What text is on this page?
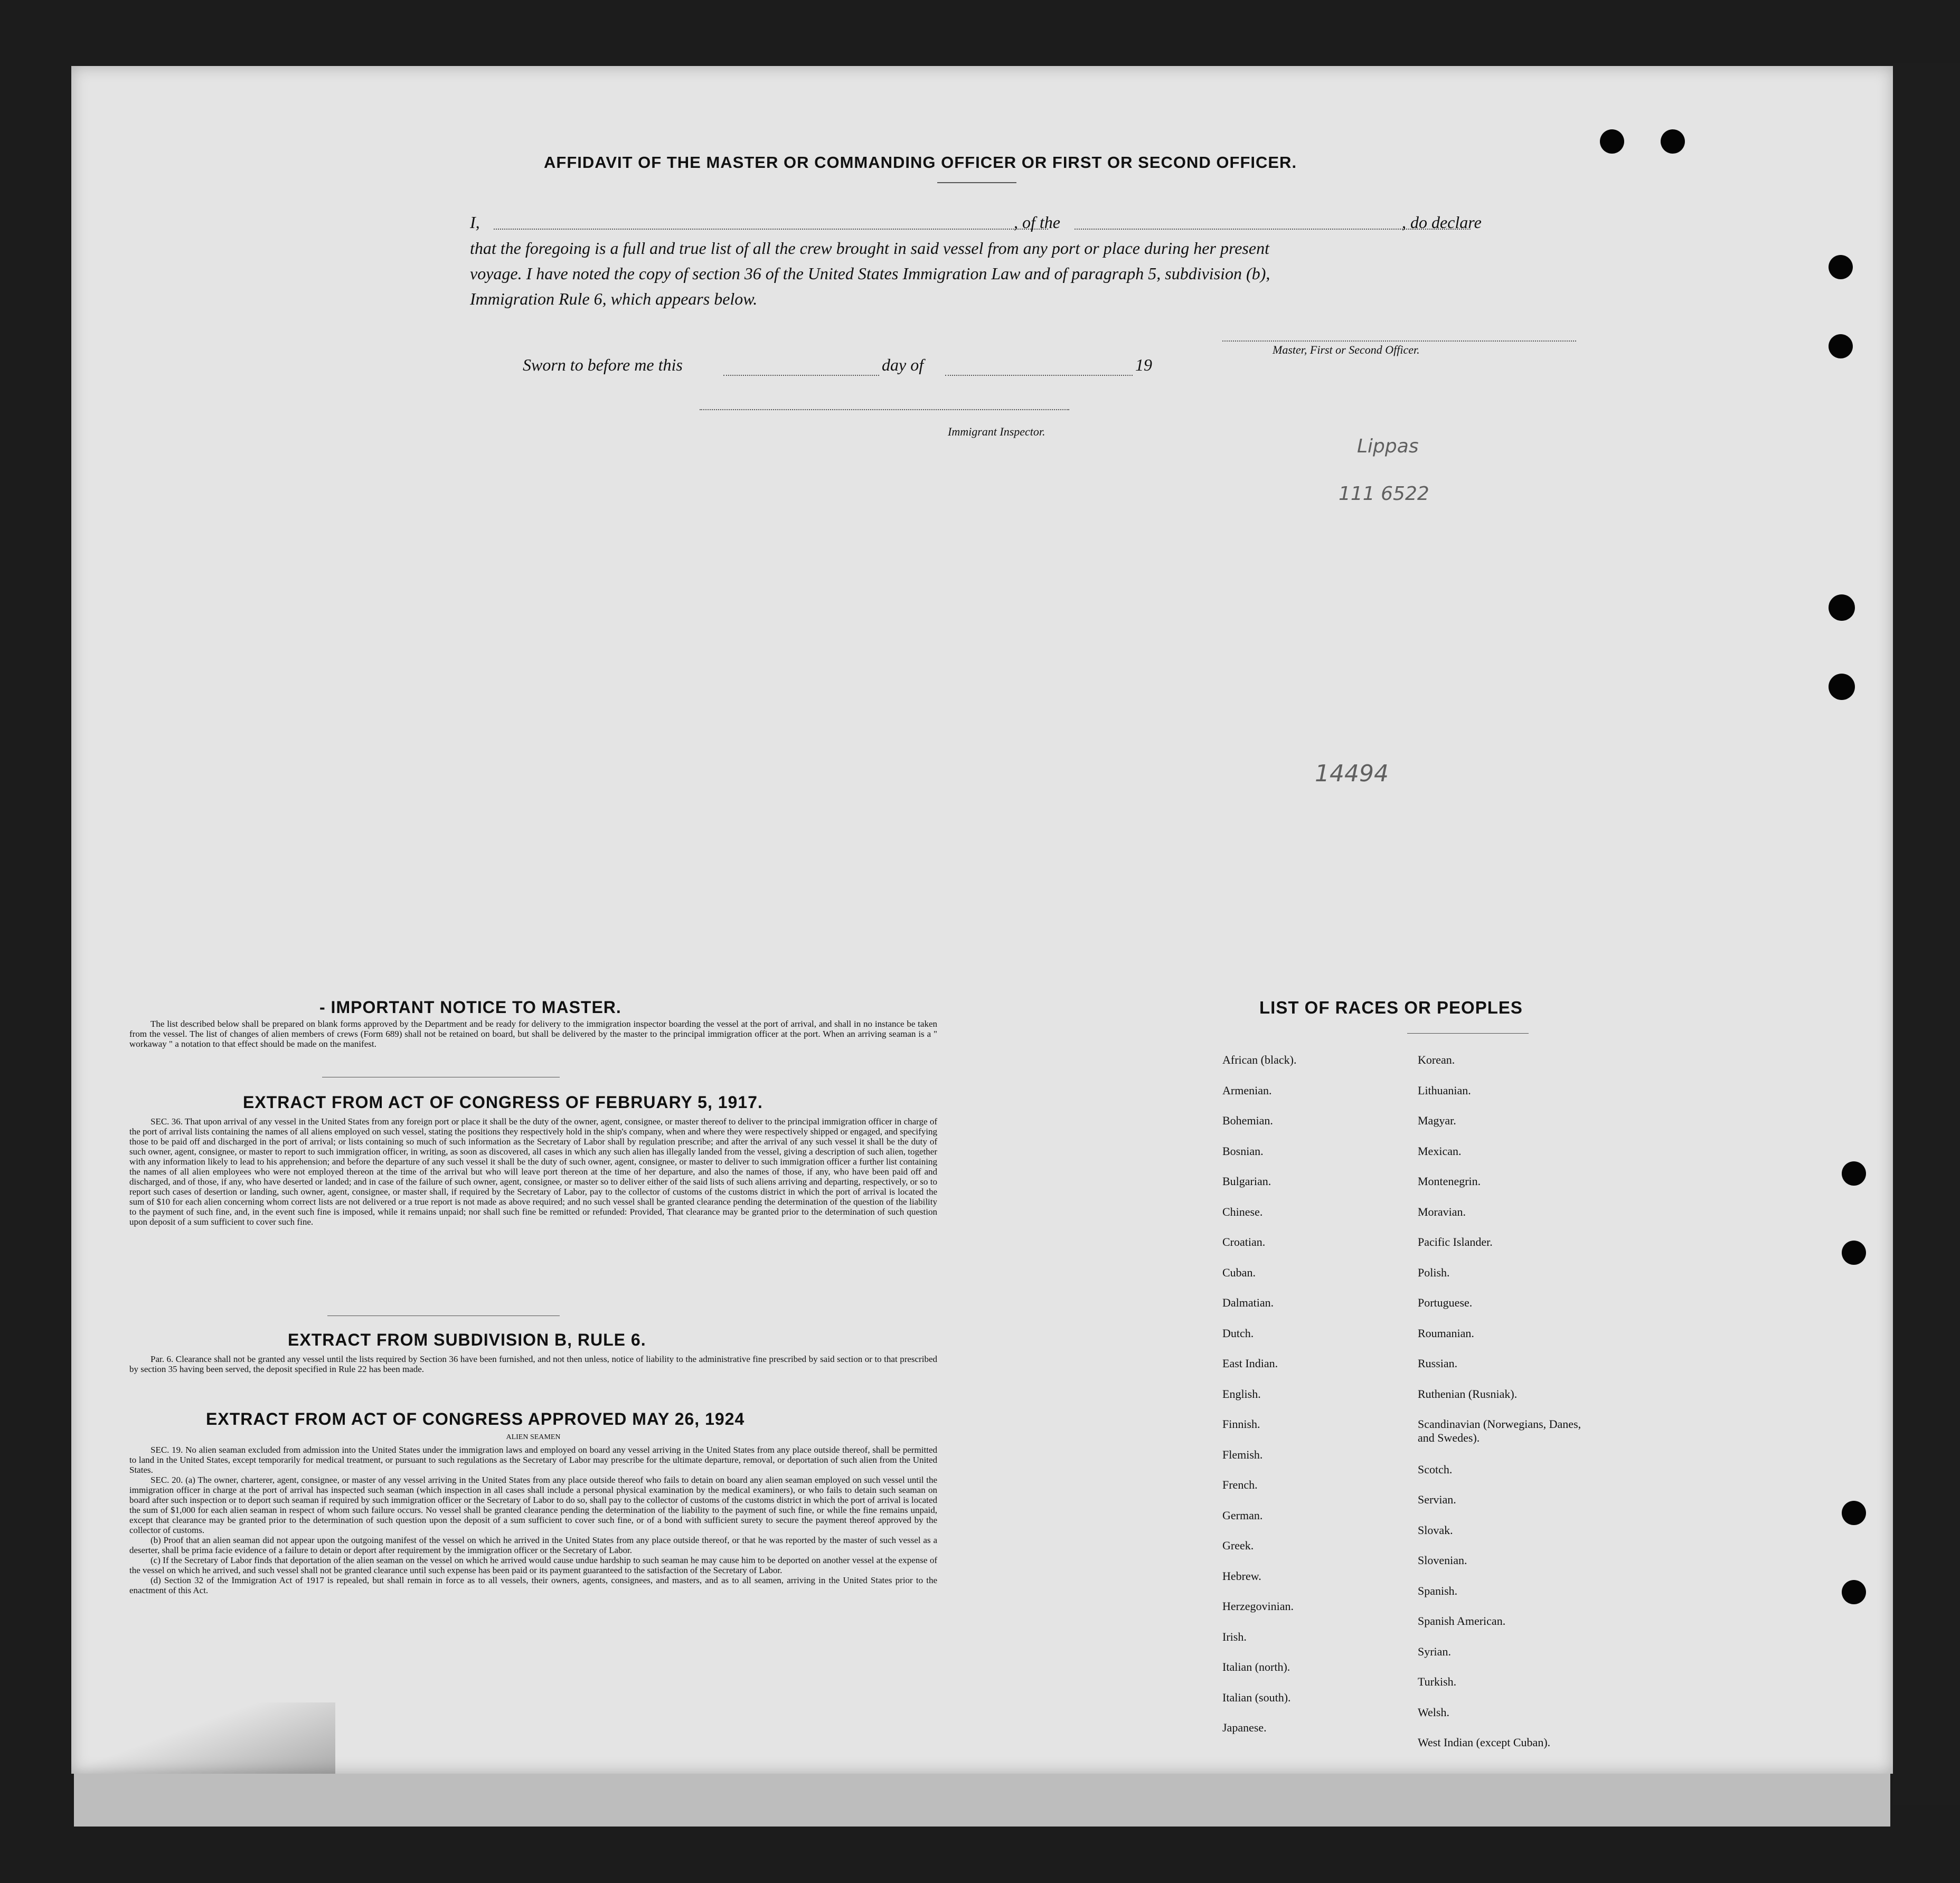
AFFIDAVIT OF THE MASTER OR COMMANDING OFFICER OR FIRST OR SECOND OFFICER.
I,	, of the	, do declare
that the foregoing is a full and true list of all the crew brought in said vessel from any port or place during her present
voyage. I have noted the copy of section 36 of the United States Immigration Law and of paragraph 5, subdivision (b),
Immigration Rule 6, which appears below.
Master, First or Second Officer.
Sworn to before me this	day of	19
Immigrant Inspector.
Lippas
111 6522
14494
- IMPORTANT NOTICE TO MASTER.

The list described below shall be prepared on blank forms approved by the Department and be ready for delivery to the immigration inspector boarding the vessel at the port of arrival, and shall in no instance be taken from the vessel. The list of changes of alien members of crews (Form 689) shall not be retained on board, but shall be delivered by the master to the principal immigration officer at the port. When an arriving seaman is a " workaway " a notation to that effect should be made on the manifest.

EXTRACT FROM ACT OF CONGRESS OF FEBRUARY 5, 1917.

SEC. 36. That upon arrival of any vessel in the United States from any foreign port or place it shall be the duty of the owner, agent, consignee, or master thereof to deliver to the principal immigration officer in charge of the port of arrival lists containing the names of all aliens employed on such vessel, stating the positions they respectively hold in the ship's company, when and where they were respectively shipped or engaged, and specifying those to be paid off and discharged in the port of arrival; or lists containing so much of such information as the Secretary of Labor shall by regulation prescribe; and after the arrival of any such vessel it shall be the duty of such owner, agent, consignee, or master to report to such immigration officer, in writing, as soon as discovered, all cases in which any such alien has illegally landed from the vessel, giving a description of such alien, together with any information likely to lead to his apprehension; and before the departure of any such vessel it shall be the duty of such owner, agent, consignee, or master to deliver to such immigration officer a further list containing the names of all alien employees who were not employed thereon at the time of the arrival but who will leave port thereon at the time of her departure, and also the names of those, if any, who have been paid off and discharged, and of those, if any, who have deserted or landed; and in case of the failure of such owner, agent, consignee, or master so to deliver either of the said lists of such aliens arriving and departing, respectively, or so to report such cases of desertion or landing, such owner, agent, consignee, or master shall, if required by the Secretary of Labor, pay to the collector of customs of the customs district in which the port of arrival is located the sum of $10 for each alien concerning whom correct lists are not delivered or a true report is not made as above required; and no such vessel shall be granted clearance pending the determination of the question of the liability to the payment of such fine, and, in the event such fine is imposed, while it remains unpaid; nor shall such fine be remitted or refunded: Provided, That clearance may be granted prior to the determination of such question upon deposit of a sum sufficient to cover such fine.

EXTRACT FROM SUBDIVISION B, RULE 6.

Par. 6. Clearance shall not be granted any vessel until the lists required by Section 36 have been furnished, and not then unless, notice of liability to the administrative fine prescribed by said section or to that prescribed by section 35 having been served, the deposit specified in Rule 22 has been made.

EXTRACT FROM ACT OF CONGRESS APPROVED MAY 26, 1924
ALIEN SEAMEN

SEC. 19. No alien seaman excluded from admission into the United States under the immigration laws and employed on board any vessel arriving in the United States from any place outside thereof, shall be permitted to land in the United States, except temporarily for medical treatment, or pursuant to such regulations as the Secretary of Labor may prescribe for the ultimate departure, removal, or deportation of such alien from the United States.

SEC. 20. (a) The owner, charterer, agent, consignee, or master of any vessel arriving in the United States from any place outside thereof who fails to detain on board any alien seaman employed on such vessel until the immigration officer in charge at the port of arrival has inspected such seaman (which inspection in all cases shall include a personal physical examination by the medical examiners), or who fails to detain such seaman on board after such inspection or to deport such seaman if required by such immigration officer or the Secretary of Labor to do so, shall pay to the collector of customs of the customs district in which the port of arrival is located the sum of $1,000 for each alien seaman in respect of whom such failure occurs. No vessel shall be granted clearance pending the determination of the liability to the payment of such fine, or while the fine remains unpaid, except that clearance may be granted prior to the determination of such question upon the deposit of a sum sufficient to cover such fine, or of a bond with sufficient surety to secure the payment thereof approved by the collector of customs.

(b) Proof that an alien seaman did not appear upon the outgoing manifest of the vessel on which he arrived in the United States from any place outside thereof, or that he was reported by the master of such vessel as a deserter, shall be prima facie evidence of a failure to detain or deport after requirement by the immigration officer or the Secretary of Labor.

(c) If the Secretary of Labor finds that deportation of the alien seaman on the vessel on which he arrived would cause undue hardship to such seaman he may cause him to be deported on another vessel at the expense of the vessel on which he arrived, and such vessel shall not be granted clearance until such expense has been paid or its payment guaranteed to the satisfaction of the Secretary of Labor.

(d) Section 32 of the Immigration Act of 1917 is repealed, but shall remain in force as to all vessels, their owners, agents, consignees, and masters, and as to all seamen, arriving in the United States prior to the enactment of this Act.

LIST OF RACES OR PEOPLES
African (black).
Armenian.
Bohemian.
Bosnian.
Bulgarian.
Chinese.
Croatian.
Cuban.
Dalmatian.
Dutch.
East Indian.
English.
Finnish.
Flemish.
French.
German.
Greek.
Hebrew.
Herzegovinian.
Irish.
Italian (north).
Italian (south).
Japanese.
Korean.
Lithuanian.
Magyar.
Mexican.
Montenegrin.
Moravian.
Pacific Islander.
Polish.
Portuguese.
Roumanian.
Russian.
Ruthenian (Rusniak).
Scandinavian (Norwegians, Danes, and Swedes).
Scotch.
Servian.
Slovak.
Slovenian.
Spanish.
Spanish American.
Syrian.
Turkish.
Welsh.
West Indian (except Cuban).
